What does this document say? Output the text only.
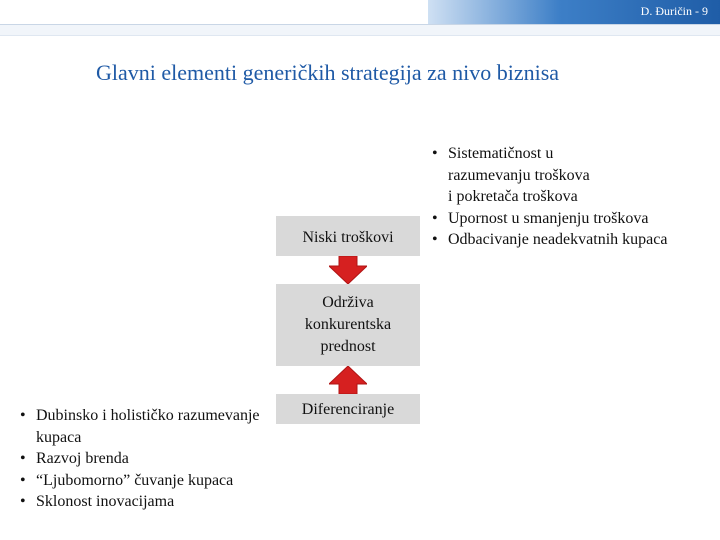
D. Đuričin - 9
Glavni elementi generičkih strategija za nivo biznisa
• Sistematičnost u
razumevanju troškova
i pokretača troškova
• Upornost u smanjenju troškova
• Odbacivanje neadekvatnih kupaca
Niski troškovi
Održiva
konkurentska
prednost
Diferenciranje
• Dubinsko i holističko razumevanje kupaca
• Razvoj brenda
• “Ljubomorno” čuvanje kupaca
• Sklonost inovacijama
